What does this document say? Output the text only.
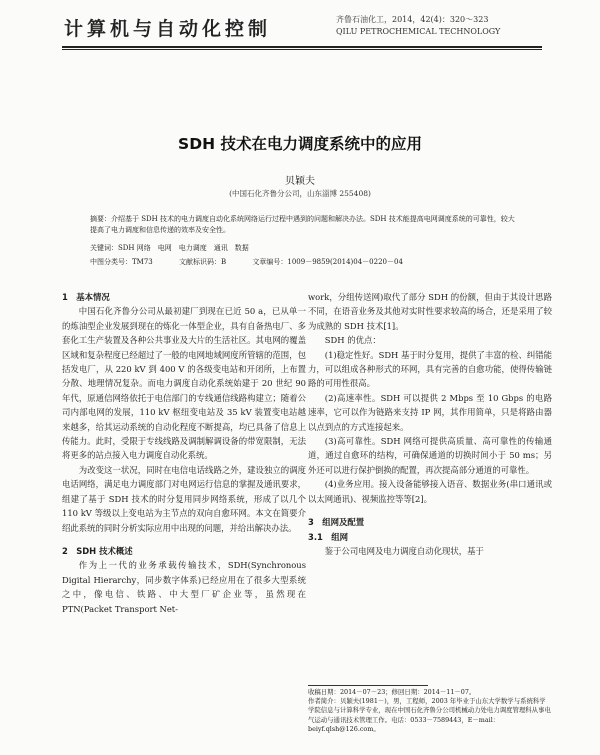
计算机与自动化控制	齐鲁石油化工，2014，42(4)：320～323
QILU PETROCHEMICAL TECHNOLOGY
SDH 技术在电力调度系统中的应用
贝颖夫
(中国石化齐鲁分公司，山东淄博 255408)
摘要：介绍基于 SDH 技术的电力调度自动化系统网络运行过程中遇到的问题和解决办法。SDH 技术能提高电网调度系统的可靠性，较大提高了电力调度和信息传递的效率及安全性。
关键词：SDH 网络　电网　电力调度　通讯　数据
中图分类号：TM73	文献标识码：B	文章编号：1009－9859(2014)04－0220－04
1　基本情况

中国石化齐鲁分公司从最初建厂到现在已近 50 a，已从单一的炼油型企业发展到现在的炼化一体型企业，具有自备热电厂、多套化工生产装置及各种公共事业及大片的生活社区。其电网的覆盖区域和复杂程度已经超过了一般的电网地域网度所管辖的范围，包括发电厂，从 220 kV 到 400 V 的各级变电站和开闭所，上布置分散、地理情况复杂。而电力调度自动化系统始建于 20 世纪 90 年代，原通信网络依托于电信部门的专线通信线路构建立；随着公司内部电网的发展，110 kV 枢纽变电站及 35 kV 装置变电站越来越多，给其运动系统的自动化程度不断提高，均已具备了信息上传能力。此时，受限于专线线路及调制解调设备的带宽限制，无法将更多的站点接入电力调度自动化系统。

为改变这一状况，同时在电信电话线路之外，建设独立的调度电话网络，满足电力调度部门对电网运行信息的掌握及通讯要求，组建了基于 SDH 技术的时分复用同步网络系统，形成了以几个 110 kV 等级以上变电站为主节点的双向自愈环网。本文在简要介绍此系统的同时分析实际应用中出现的问题，并给出解决办法。

2　SDH 技术概述

作为上一代的业务承载传输技术，SDH(Synchronous Digital Hierarchy，同步数字体系)已经应用在了很多大型系统之中，像电信、铁路、中大型厂矿企业等，虽然现在 PTN(Packet Transport Net-

work，分组传送网)取代了部分 SDH 的份额，但由于其设计思路不同，在语音业务及其他对实时性要求较高的场合，还是采用了较为成熟的 SDH 技术[1]。

SDH 的优点：

(1)稳定性好。SDH 基于时分复用，提供了丰富的检、纠错能力，可以组成各种形式的环网，具有完善的自愈功能，使得传输链路的可用性很高。

(2)高速率性。SDH 可以提供 2 Mbps 至 10 Gbps 的电路速率，它可以作为链路来支持 IP 网，其作用简单，只是将路由器以点到点的方式连接起来。

(3)高可靠性。SDH 网络可提供高质量、高可靠性的传输通道，通过自愈环的结构，可确保通道的切换时间小于 50 ms；另外还可以进行保护倒换的配置，再次提高部分通道的可靠性。

(4)业务应用。接入设备能够接入语音、数据业务(串口通讯或以太网通讯)、视频监控等等[2]。

3　组网及配置
3.1　组网

鉴于公司电网及电力调度自动化现状，基于

收稿日期：2014－07－23；修回日期：2014－11－07。
作者简介：贝颖夫(1981－)，男，工程师，2003 年毕业于山东大学数学与系统科学学院信息与计算科学专业，现在中国石化齐鲁分公司机械动力处电力调度管理科从事电气运动与通讯技术管理工作。电话：0533－7589443，E－mail：beiyf.qlsh@126.com。
